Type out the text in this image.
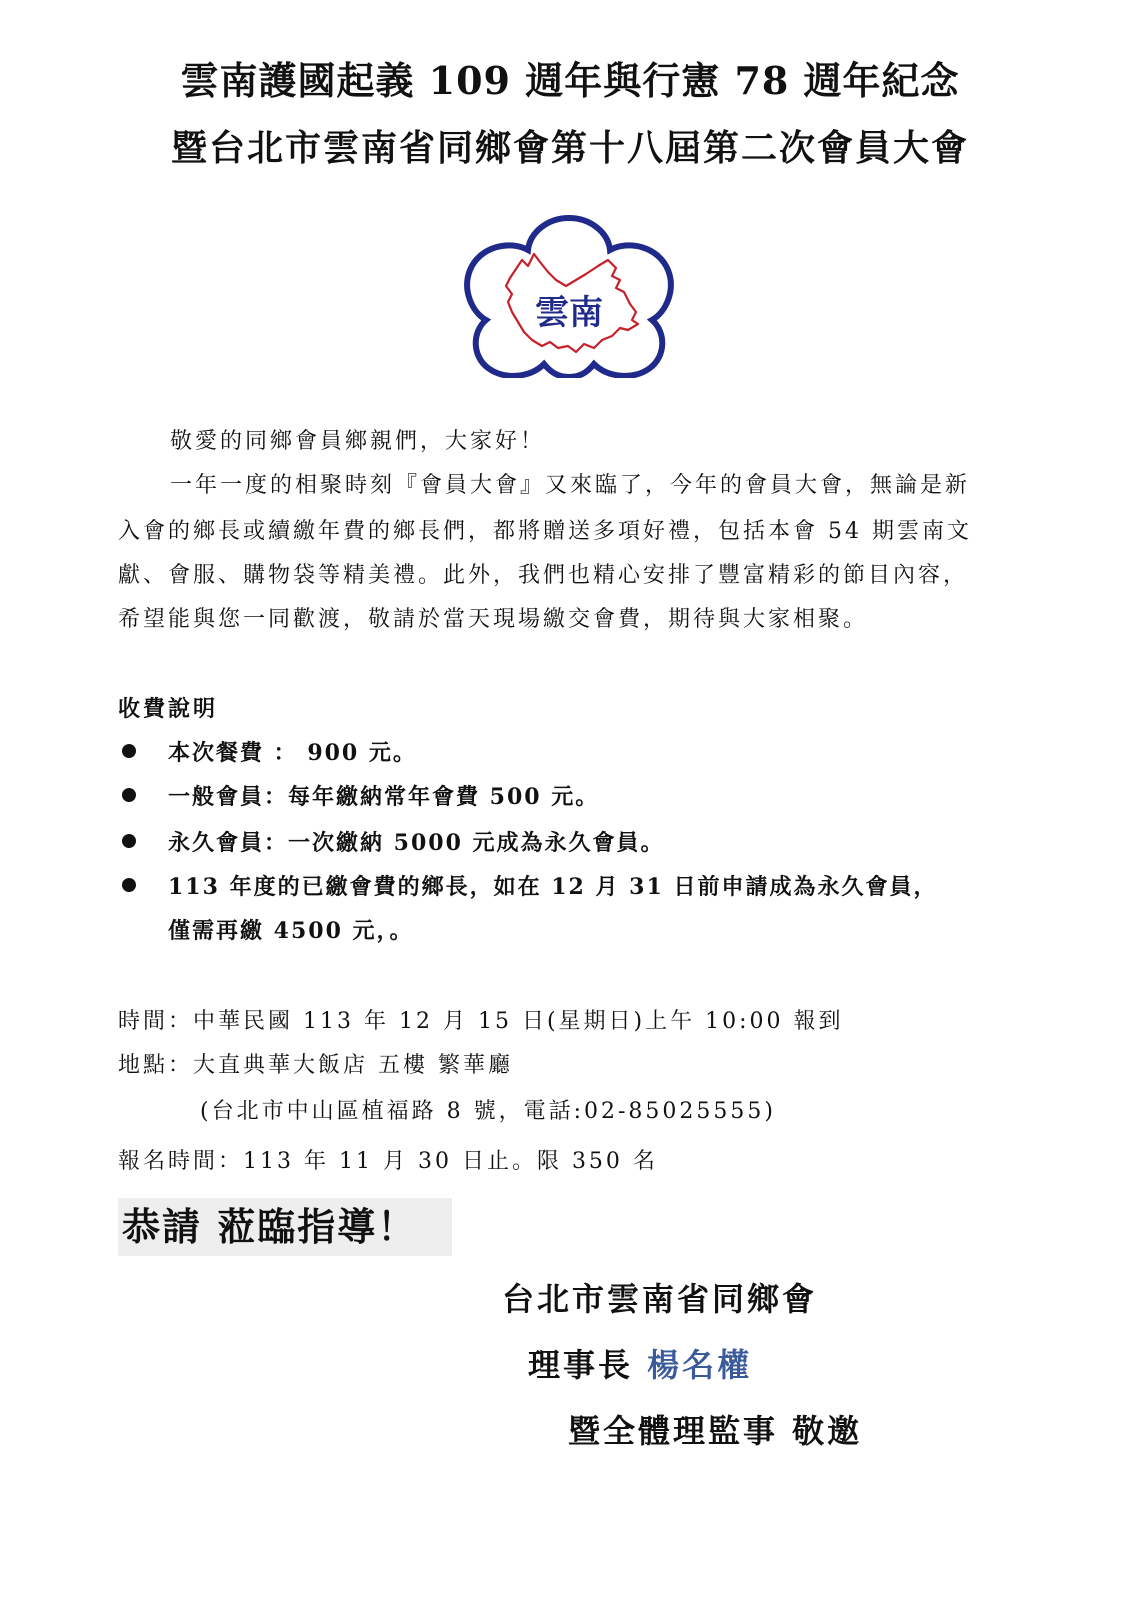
雲南護國起義 109 週年與行憲 78 週年紀念
暨台北市雲南省同鄉會第十八屆第二次會員大會
雲南
敬愛的同鄉會員鄉親們，大家好！
一年一度的相聚時刻『會員大會』又來臨了，今年的會員大會，無論是新
入會的鄉長或續繳年費的鄉長們，都將贈送多項好禮，包括本會 54 期雲南文
獻、會服、購物袋等精美禮。此外，我們也精心安排了豐富精彩的節目內容，
希望能與您一同歡渡，敬請於當天現場繳交會費，期待與大家相聚。
收費說明
本次餐費 ： 900 元。
一般會員：每年繳納常年會費 500 元。
永久會員：一次繳納 5000 元成為永久會員。
113 年度的已繳會費的鄉長，如在 12 月 31 日前申請成為永久會員，
僅需再繳 4500 元，。
時間：中華民國 113 年 12 月 15 日(星期日)上午 10:00 報到
地點：大直典華大飯店 五樓 繁華廳
(台北市中山區植福路 8 號，電話:02-85025555)
報名時間：113 年 11 月 30 日止。限 350 名
恭請 蒞臨指導！
台北市雲南省同鄉會
理事長 楊名權
暨全體理監事 敬邀
